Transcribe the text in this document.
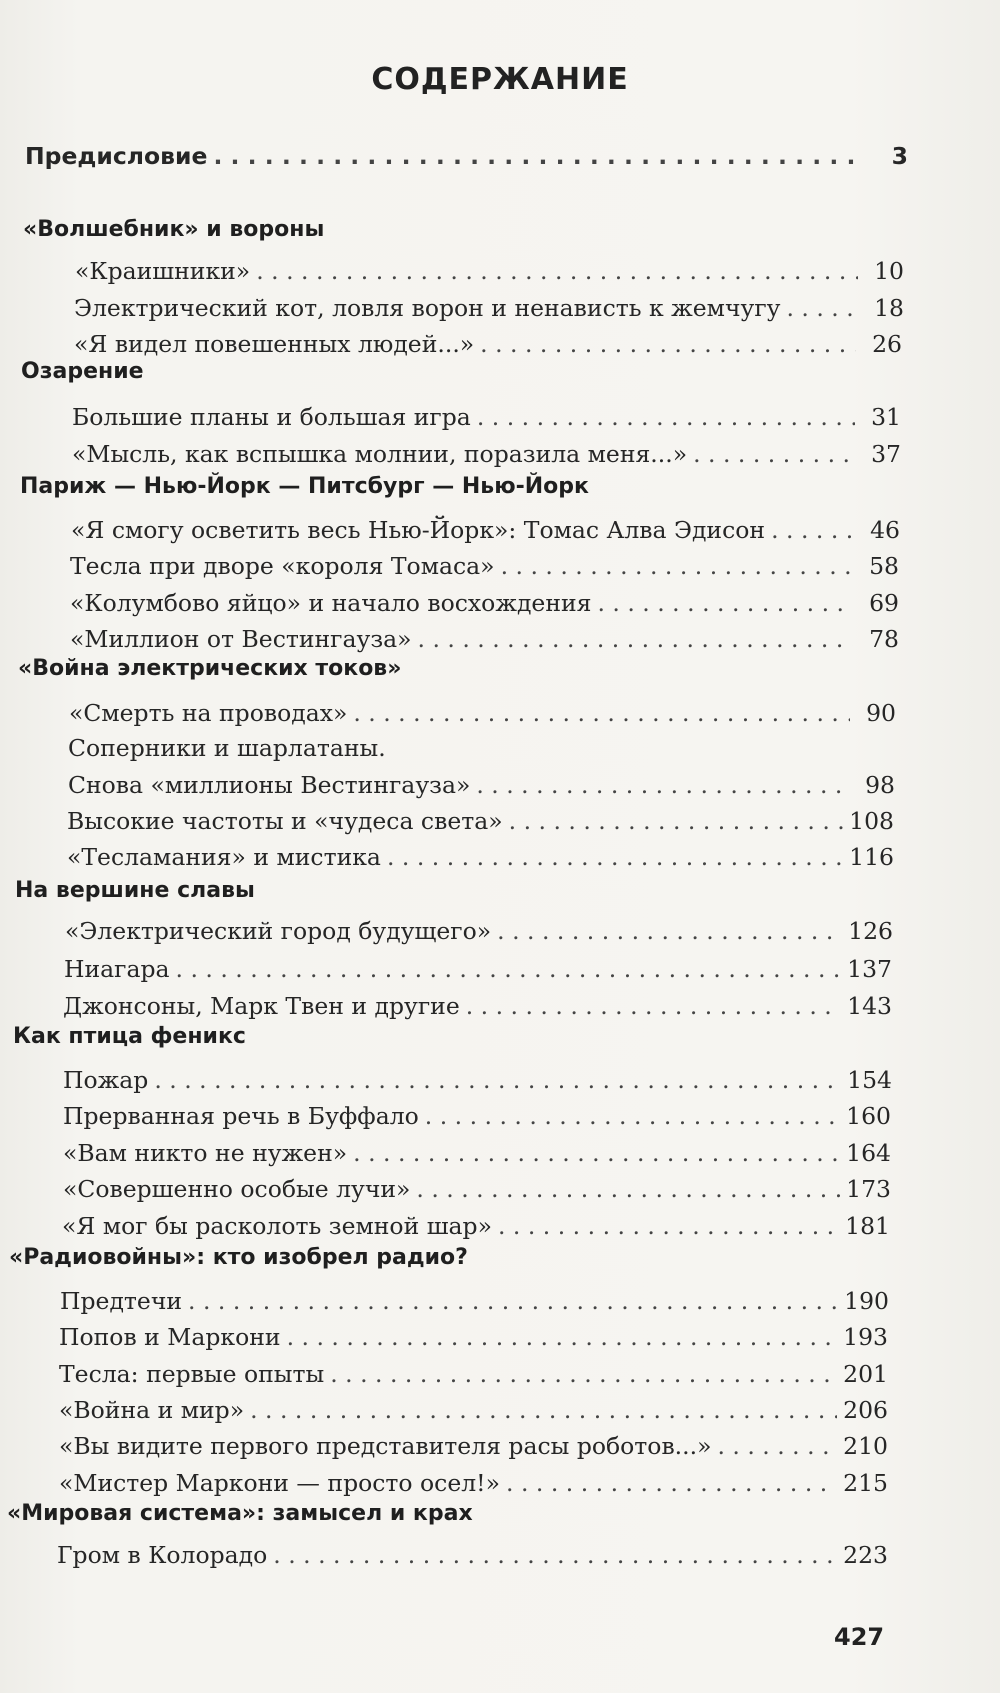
СОДЕРЖАНИЕ
Предисловие . . .	3
«Волшебник» и вороны
«Краишники» . . .	10
Электрический кот, ловля ворон и ненависть к жемчугу . . .	18
«Я видел повешенных людей...» . . .	26
Озарение
Большие планы и большая игра . . .	31
«Мысль, как вспышка молнии, поразила меня...» . . .	37
Париж — Нью-Йорк — Питсбург — Нью-Йорк
«Я смогу осветить весь Нью-Йорк»: Томас Алва Эдисон . . .	46
Тесла при дворе «короля Томаса» . . .	58
«Колумбово яйцо» и начало восхождения . . .	69
«Миллион от Вестингауза» . . .	78
«Война электрических токов»
«Смерть на проводах» . . .	90
Соперники и шарлатаны.
Снова «миллионы Вестингауза» . . .	98
Высокие частоты и «чудеса света» . . .	108
«Тесламания» и мистика . . .	116
На вершине славы
«Электрический город будущего» . . .	126
Ниагара . . .	137
Джонсоны, Марк Твен и другие . . .	143
Как птица феникс
Пожар . . .	154
Прерванная речь в Буффало . . .	160
«Вам никто не нужен» . . .	164
«Совершенно особые лучи» . . .	173
«Я мог бы расколоть земной шар» . . .	181
«Радиовойны»: кто изобрел радио?
Предтечи . . .	190
Попов и Маркони . . .	193
Тесла: первые опыты . . .	201
«Война и мир» . . .	206
«Вы видите первого представителя расы роботов...» . . .	210
«Мистер Маркони — просто осел!» . . .	215
«Мировая система»: замысел и крах
Гром в Колорадо . . .	223
427
